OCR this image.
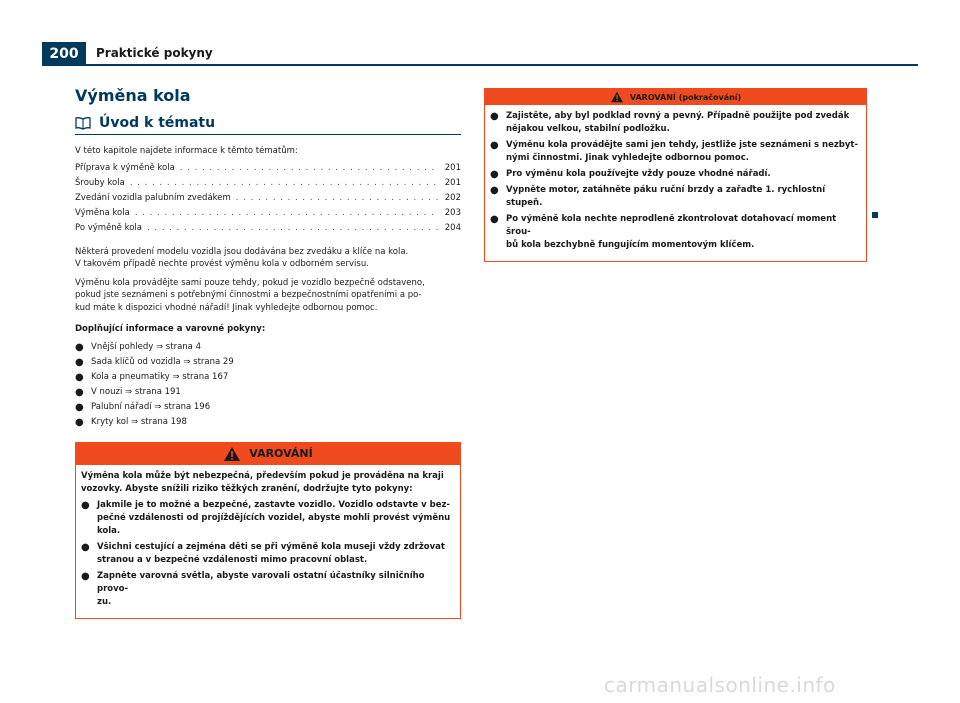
200	Praktické pokyny
Výměna kola
Úvod k tématu

V této kapitole najdete informace k těmto tématům:

Příprava k výměně kola . . .	201
Šrouby kola . . .	201
Zvedání vozidla palubním zvedákem . . .	202
Výměna kola . . .	203
Po výměně kola . . .	204

Některá provedení modelu vozidla jsou dodávána bez zvedáku a klíče na kola.

V takovém případě nechte provést výměnu kola v odborném servisu.

Výměnu kola provádějte sami pouze tehdy, pokud je vozidlo bezpečně odstaveno,

pokud jste seznámeni s potřebnými činnostmi a bezpečnostními opatřeními a po-

kud máte k dispozici vhodné nářadí! Jinak vyhledejte odbornou pomoc.

Doplňující informace a varovné pokyny:

● Vnější pohledy ⇒ strana 4
● Sada klíčů od vozidla ⇒ strana 29
● Kola a pneumatiky ⇒ strana 167
● V nouzi ⇒ strana 191
● Palubní nářadí ⇒ strana 196
● Kryty kol ⇒ strana 198
VAROVÁNÍ

Výměna kola může být nebezpečná, především pokud je prováděna na kraji
vozovky. Abyste snížili riziko těžkých zranění, dodržujte tyto pokyny:

● Jakmile je to možné a bezpečné, zastavte vozidlo. Vozidlo odstavte v bez-
pečné vzdálenosti od projíždějících vozidel, abyste mohli provést výměnu kola.

● Všichni cestující a zejména děti se při výměně kola museji vždy zdržovat
stranou a v bezpečné vzdálenosti mimo pracovní oblast.

● Zapněte varovná světla, abyste varovali ostatní účastníky silničního provo-
zu.

VAROVÁNÍ (pokračování)

● Zajistěte, aby byl podklad rovný a pevný. Případně použijte pod zvedák
nějakou velkou, stabilní podložku.

● Výměnu kola provádějte sami jen tehdy, jestliže jste seznámeni s nezbyt-
nými činnostmi. Jinak vyhledejte odbornou pomoc.

● Pro výměnu kola používejte vždy pouze vhodné nářadí.

● Vypněte motor, zatáhněte páku ruční brzdy a zařaďte 1. rychlostní stupeň.

● Po výměně kola nechte neprodleně zkontrolovat dotahovací moment šrou-
bů kola bezchybně fungujícím momentovým klíčem.

carmanualsonline.info
